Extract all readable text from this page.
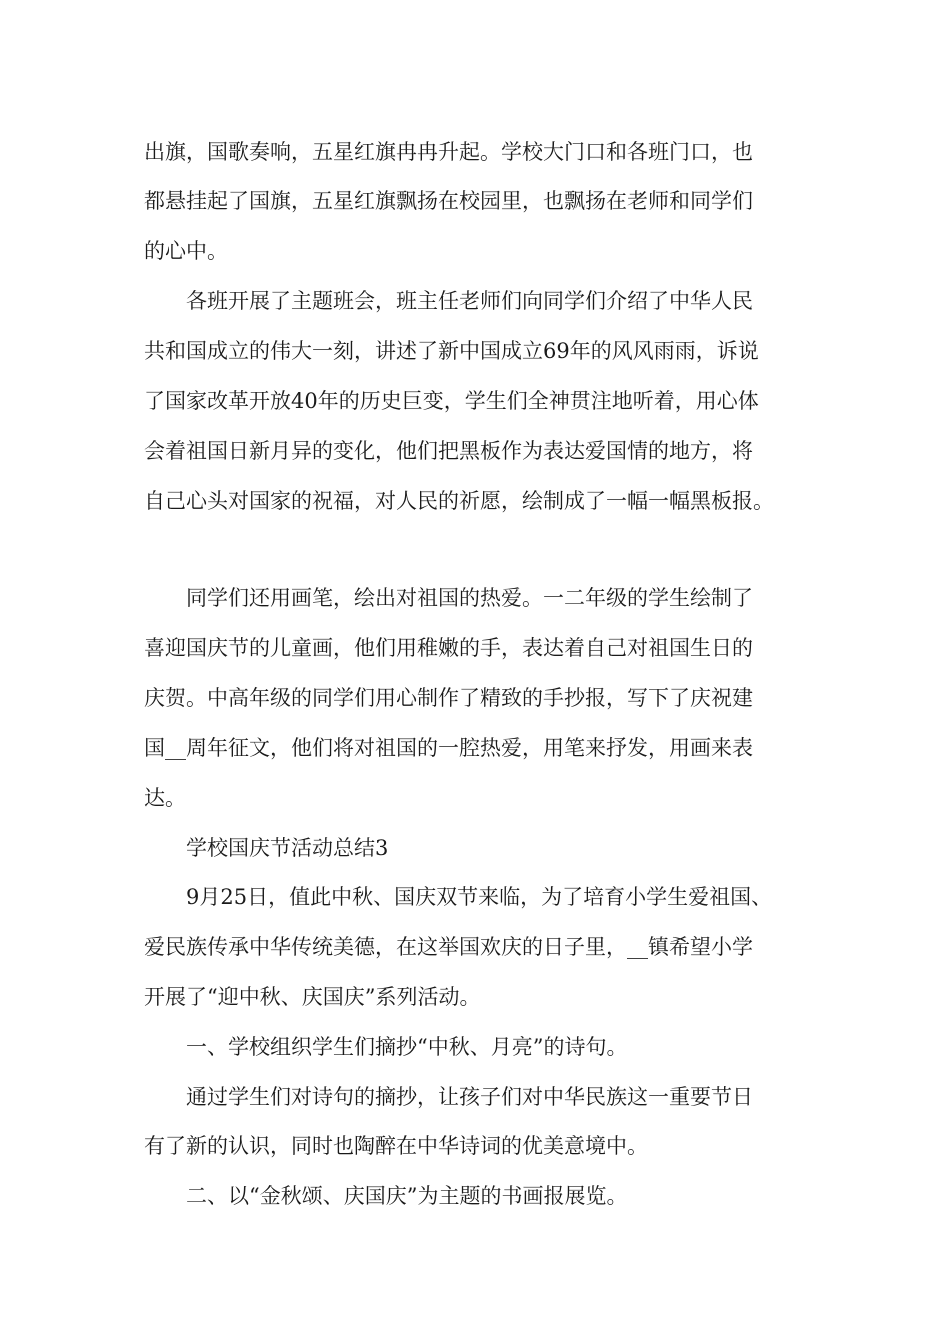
出旗，国歌奏响，五星红旗冉冉升起。学校大门口和各班门口，也
都悬挂起了国旗，五星红旗飘扬在校园里，也飘扬在老师和同学们
的心中。
　　各班开展了主题班会，班主任老师们向同学们介绍了中华人民
共和国成立的伟大一刻，讲述了新中国成立69年的风风雨雨，诉说
了国家改革开放40年的历史巨变，学生们全神贯注地听着，用心体
会着祖国日新月异的变化，他们把黑板作为表达爱国情的地方，将
自己心头对国家的祝福，对人民的祈愿，绘制成了一幅一幅黑板报。
　　同学们还用画笔，绘出对祖国的热爱。一二年级的学生绘制了
喜迎国庆节的儿童画，他们用稚嫩的手，表达着自己对祖国生日的
庆贺。中高年级的同学们用心制作了精致的手抄报，写下了庆祝建
国__周年征文，他们将对祖国的一腔热爱，用笔来抒发，用画来表
达。
　　学校国庆节活动总结3
　　9月25日，值此中秋、国庆双节来临，为了培育小学生爱祖国、
爱民族传承中华传统美德，在这举国欢庆的日子里，__镇希望小学
开展了“迎中秋、庆国庆”系列活动。
　　一、学校组织学生们摘抄“中秋、月亮”的诗句。
　　通过学生们对诗句的摘抄，让孩子们对中华民族这一重要节日
有了新的认识，同时也陶醉在中华诗词的优美意境中。
　　二、以“金秋颂、庆国庆”为主题的书画报展览。
